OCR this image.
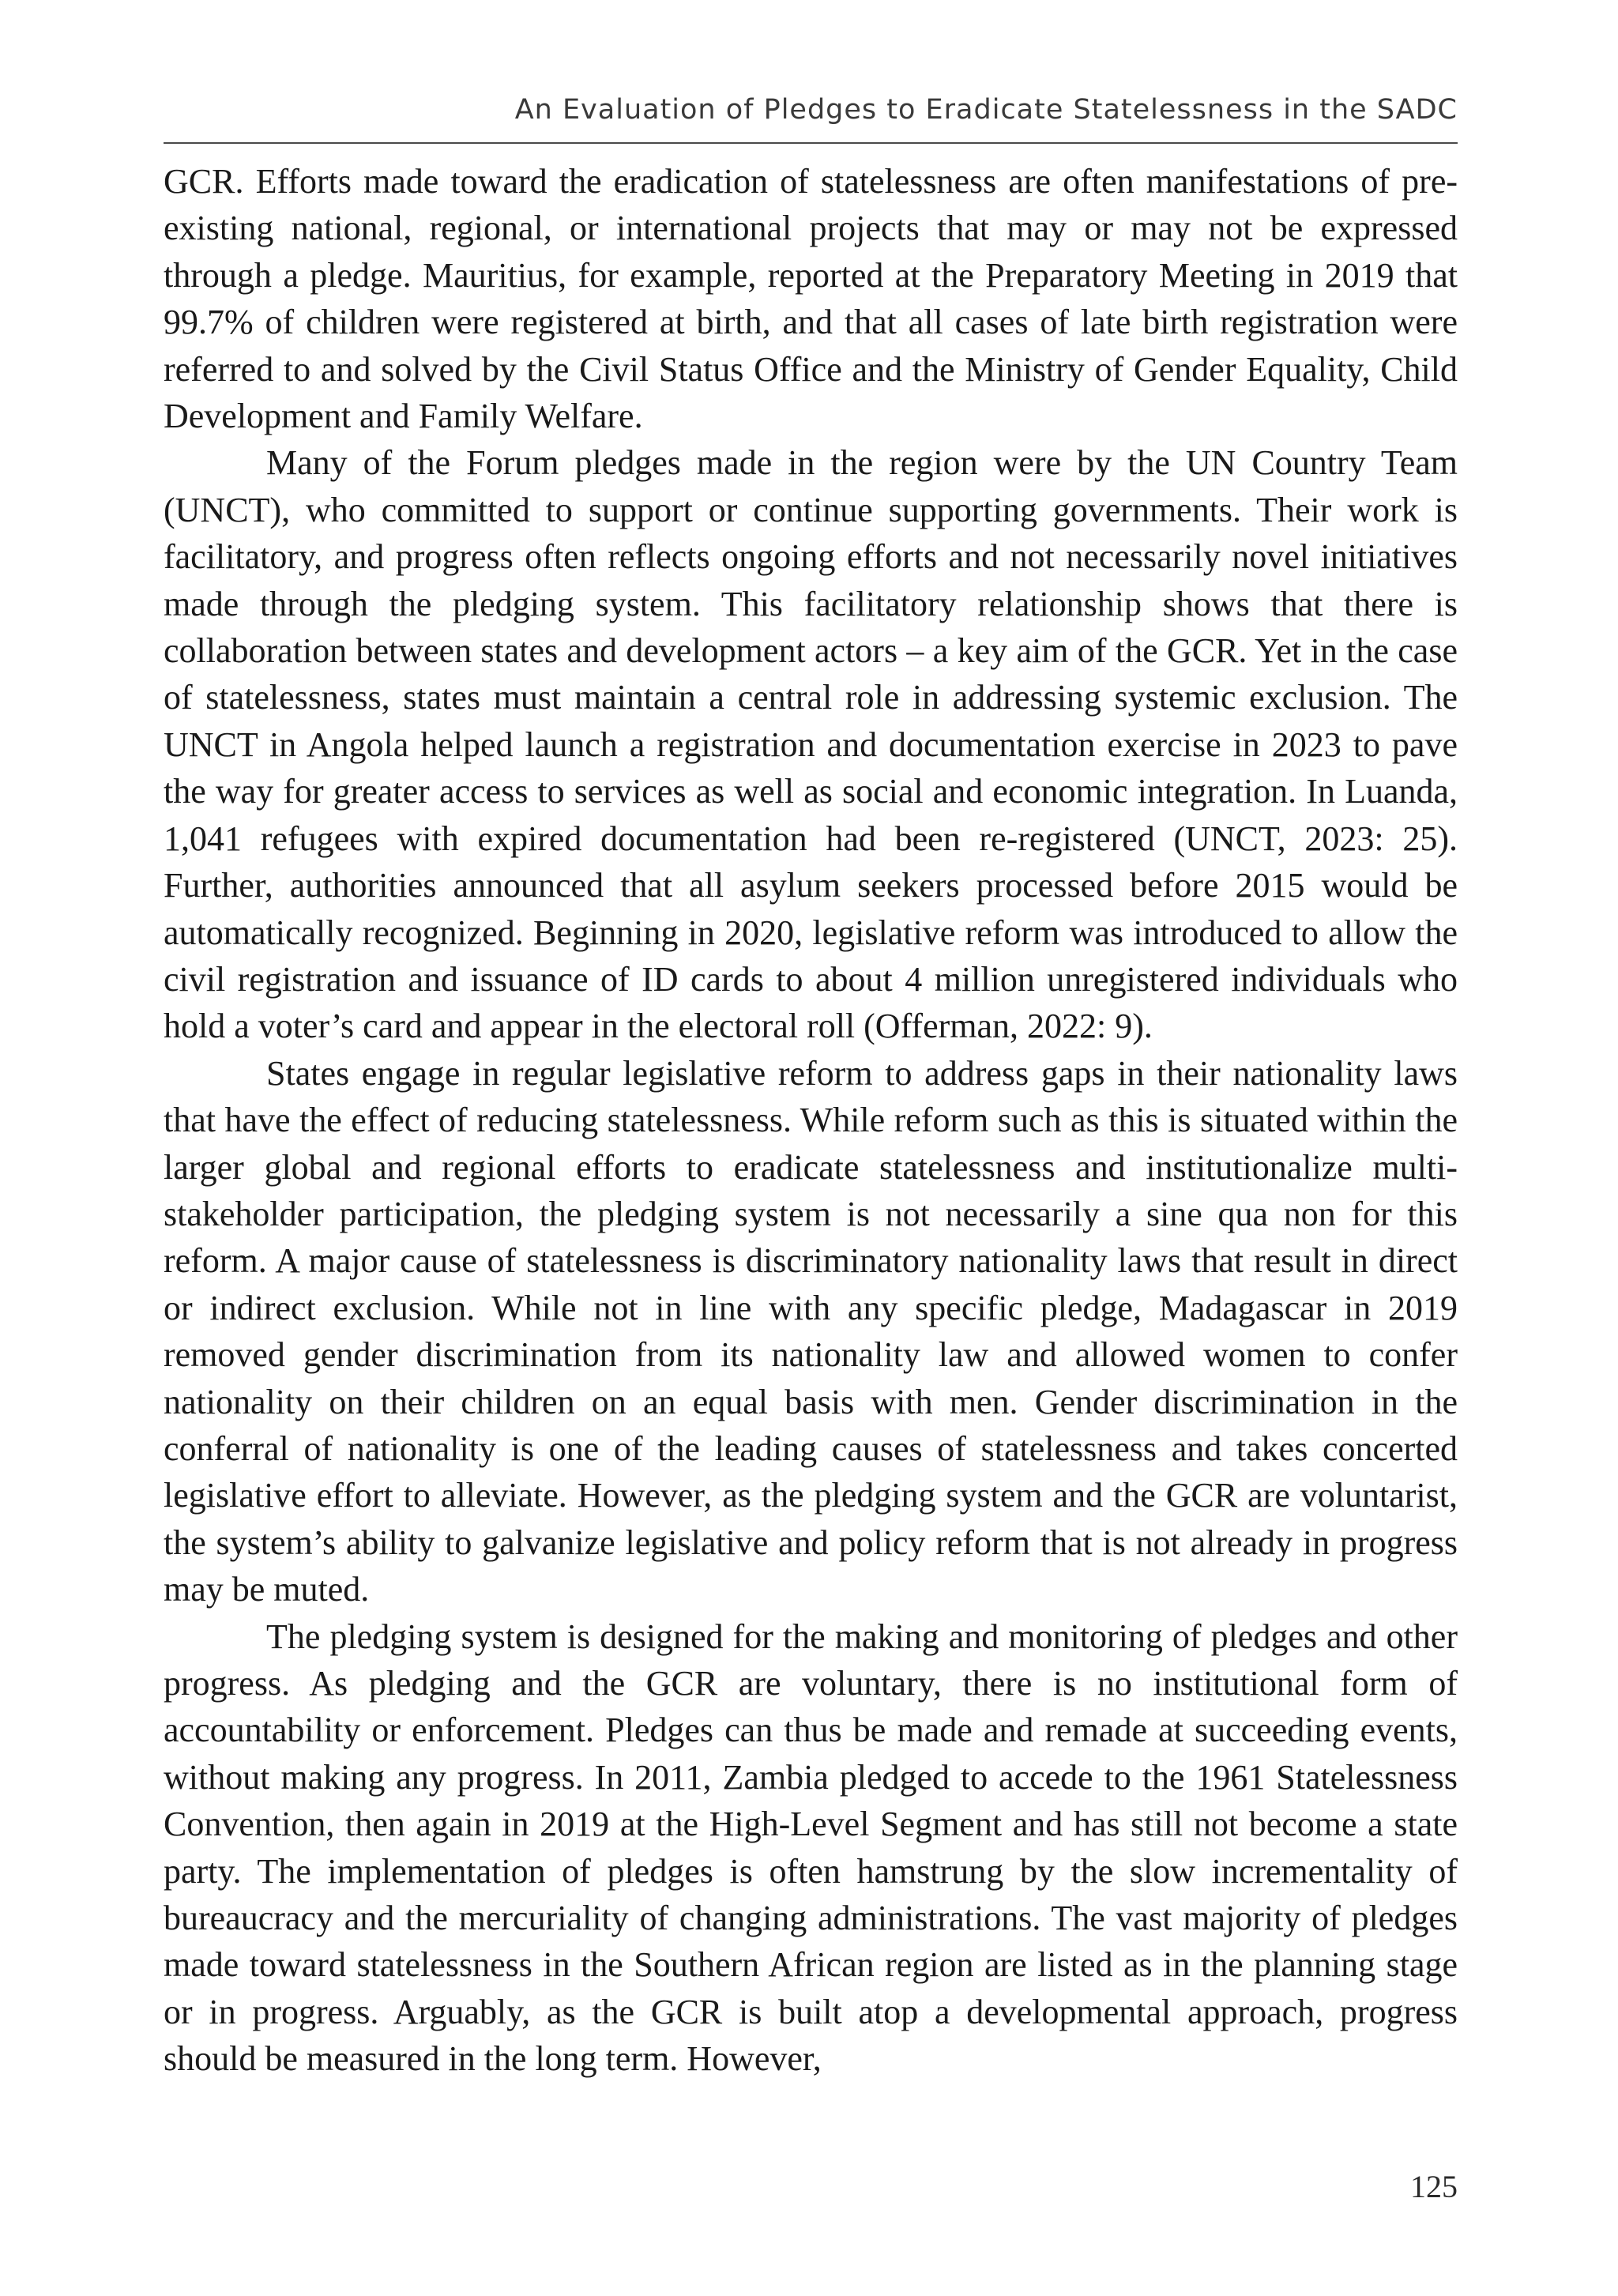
An Evaluation of Pledges to Eradicate Statelessness in the SADC

GCR. Efforts made toward the eradication of statelessness are often manifestations of pre-existing national, regional, or international projects that may or may not be expressed through a pledge. Mauritius, for example, reported at the Preparatory Meeting in 2019 that 99.7% of children were registered at birth, and that all cases of late birth registration were referred to and solved by the Civil Status Office and the Ministry of Gender Equality, Child Development and Family Welfare.

Many of the Forum pledges made in the region were by the UN Country Team (UNCT), who committed to support or continue supporting governments. Their work is facilitatory, and progress often reflects ongoing efforts and not necessarily novel initiatives made through the pledging system. This facilitatory relationship shows that there is collaboration between states and development actors – a key aim of the GCR. Yet in the case of statelessness, states must maintain a central role in addressing systemic exclusion. The UNCT in Angola helped launch a registration and documentation exercise in 2023 to pave the way for greater access to services as well as social and economic integration. In Luanda, 1,041 refugees with expired documentation had been re-registered (UNCT, 2023: 25). Further, authorities announced that all asylum seekers processed before 2015 would be automatically recognized. Beginning in 2020, legislative reform was introduced to allow the civil registration and issuance of ID cards to about 4 million unregistered individuals who hold a voter’s card and appear in the electoral roll (Offerman, 2022: 9).

States engage in regular legislative reform to address gaps in their nationality laws that have the effect of reducing statelessness. While reform such as this is situated within the larger global and regional efforts to eradicate statelessness and institutionalize multi-stakeholder participation, the pledging system is not necessarily a sine qua non for this reform. A major cause of statelessness is discriminatory nationality laws that result in direct or indirect exclusion. While not in line with any specific pledge, Madagascar in 2019 removed gender discrimination from its nationality law and allowed women to confer nationality on their children on an equal basis with men. Gender discrimination in the conferral of nationality is one of the leading causes of statelessness and takes concerted legislative effort to alleviate. However, as the pledging system and the GCR are voluntarist, the system’s ability to galvanize legislative and policy reform that is not already in progress may be muted.

The pledging system is designed for the making and monitoring of pledges and other progress. As pledging and the GCR are voluntary, there is no institutional form of accountability or enforcement. Pledges can thus be made and remade at succeeding events, without making any progress. In 2011, Zambia pledged to accede to the 1961 Statelessness Convention, then again in 2019 at the High-Level Segment and has still not become a state party. The implementation of pledges is often hamstrung by the slow incrementality of bureaucracy and the mercuriality of changing administrations. The vast majority of pledges made toward statelessness in the Southern African region are listed as in the planning stage or in progress. Arguably, as the GCR is built atop a developmental approach, progress should be measured in the long term. However,

125
